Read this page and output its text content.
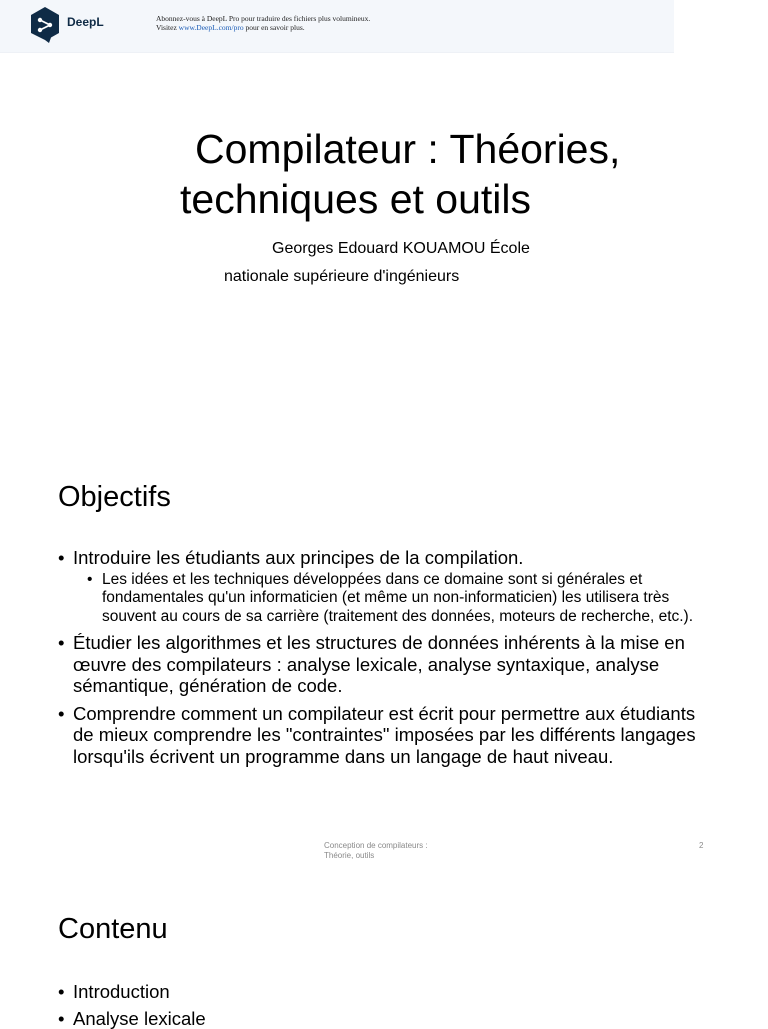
DeepL	Abonnez-vous à DeepL Pro pour traduire des fichiers plus volumineux.
Visitez www.DeepL.com/pro pour en savoir plus.
Compilateur : Théories,
techniques et outils
Georges Edouard KOUAMOU École
nationale supérieure d'ingénieurs
Objectifs
• Introduire les étudiants aux principes de la compilation.
• Les idées et les techniques développées dans ce domaine sont si générales et fondamentales qu'un informaticien (et même un non-informaticien) les utilisera très souvent au cours de sa carrière (traitement des données, moteurs de recherche, etc.).
• Étudier les algorithmes et les structures de données inhérents à la mise en œuvre des compilateurs : analyse lexicale, analyse syntaxique, analyse sémantique, génération de code.
• Comprendre comment un compilateur est écrit pour permettre aux étudiants de mieux comprendre les "contraintes" imposées par les différents langages lorsqu'ils écrivent un programme dans un langage de haut niveau.
Conception de compilateurs :
Théorie, outils
2
Contenu
• Introduction
• Analyse lexicale
